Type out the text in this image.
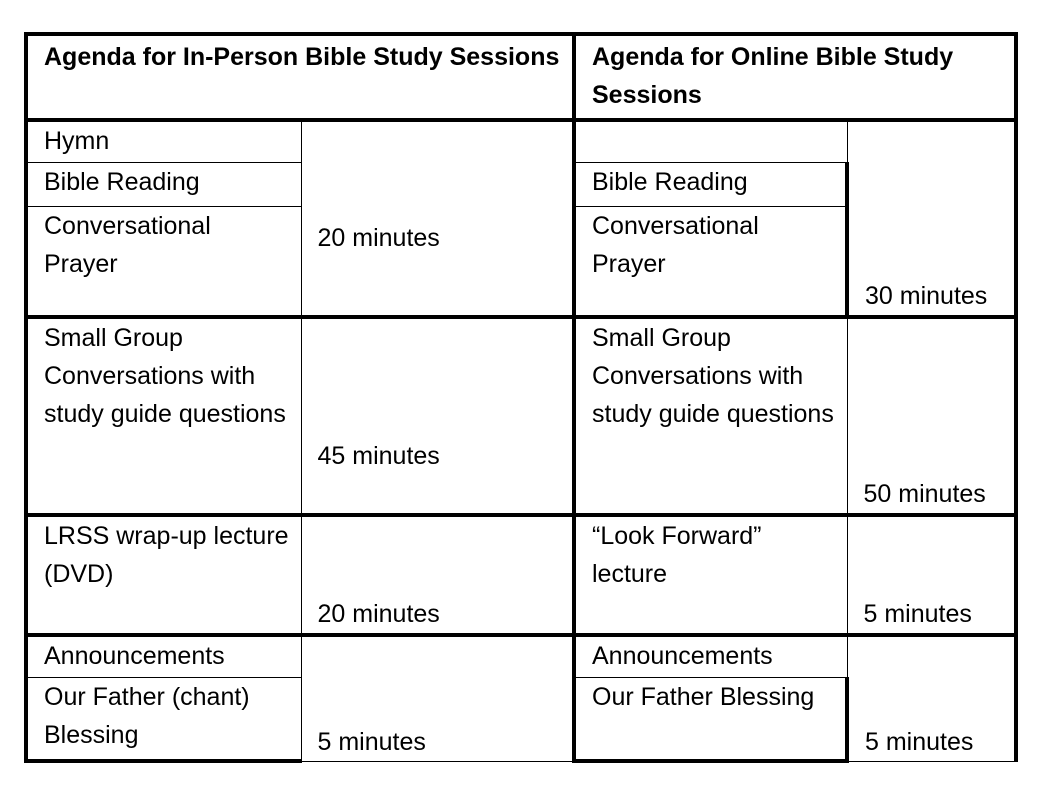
Agenda for In-Person Bible Study Sessions		Agenda for Online Bible Study Sessions	
Hymn	20 minutes		30 minutes
Bible Reading		Bible Reading	
Conversational Prayer		Conversational Prayer	
Small Group Conversations with study guide questions	45 minutes	Small Group Conversations with study guide questions	50 minutes
LRSS wrap-up lecture (DVD)	20 minutes	“Look Forward” lecture	5 minutes
Announcements	5 minutes	Announcements	5 minutes
Our Father (chant) Blessing		Our Father Blessing	
